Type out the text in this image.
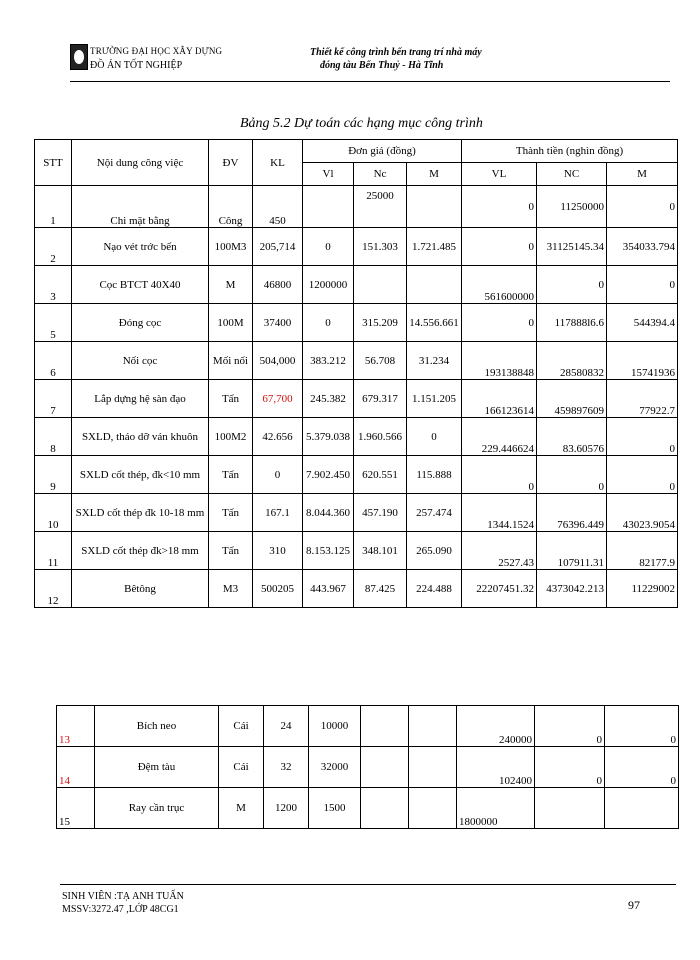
TRƯỜNG ĐẠI HỌC XÂY DỰNG
ĐỒ ÁN TỐT NGHIỆP
Thiết kế công trình bến trang trí nhà máy
đóng tàu Bến Thuỷ - Hà Tĩnh
Bảng 5.2 Dự toán các hạng mục công trình
STT	Nội dung công việc	ĐV	KL	Đơn giá (đồng)			Thành tiền (nghìn đồng)		
				Vl	Nc	M	VL	NC	M
1	Chi mặt bằng	Công	450		25000		0	11250000	0
2	Nạo vét trớc bến	100M3	205,714	0	151.303	1.721.485	0	31125145.34	354033.794
3	Cọc BTCT 40X40	M	46800	1200000			561600000	0	0
5	Đóng cọc	100M	37400	0	315.209	14.556.661	0	117888l6.6	544394.4
6	Nối cọc	Mối nối	504,000	383.212	56.708	31.234	193138848	28580832	15741936
7	Lắp dựng hệ sàn đạo	Tấn	67,700	245.382	679.317	1.151.205	166123614	459897609	77922.7
8	SXLD, tháo dỡ ván khuôn	100M2	42.656	5.379.038	1.960.566	0	229.446624	83.60576	0
9	SXLD cốt thép, đk<10 mm	Tấn	0	7.902.450	620.551	115.888	0	0	0
10	SXLD cốt thép đk 10-18 mm	Tấn	167.1	8.044.360	457.190	257.474	1344.1524	76396.449	43023.9054
11	SXLD cốt thép đk>18 mm	Tấn	310	8.153.125	348.101	265.090	2527.43	107911.31	82177.9
12	Bêtông	M3	500205	443.967	87.425	224.488	22207451.32	4373042.213	11229002
13	Bích neo	Cái	24	10000			240000	0	0
14	Đệm tàu	Cái	32	32000			102400	0	0
15	Ray cần trục	M	1200	1500			1800000		
SINH VIÊN :TẠ ANH TUẤN
MSSV:3272.47 ,LỚP 48CG1	97
